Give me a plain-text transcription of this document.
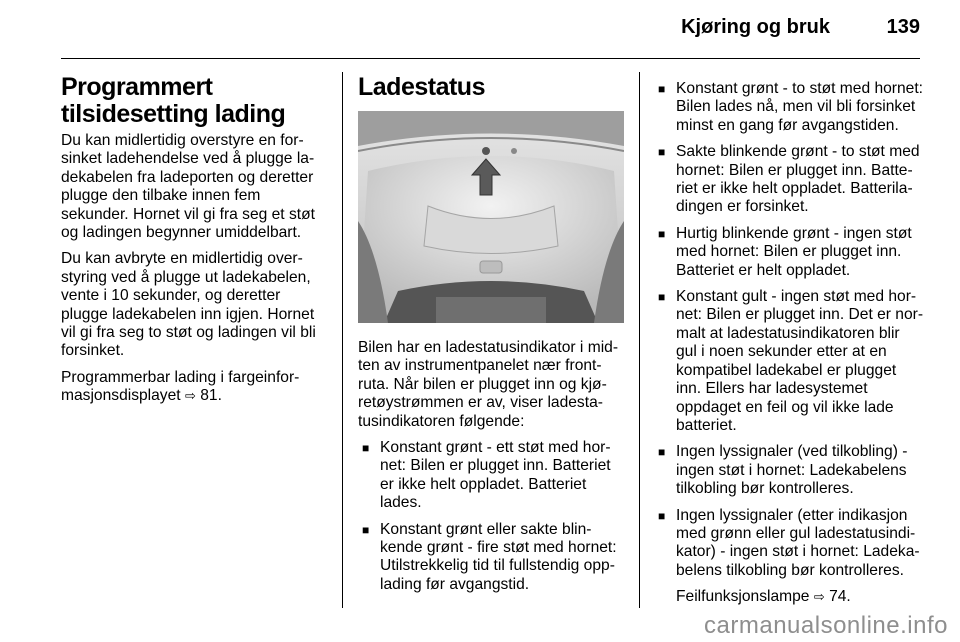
Kjøring og bruk	139
Programmert tilsidesetting lading

Du kan midlertidig overstyre en forsinket ladehendelse ved å plugge ladekabelen fra ladeporten og deretter plugge den tilbake innen fem sekunder. Hornet vil gi fra seg et støt og ladingen begynner umiddelbart.

Du kan avbryte en midlertidig overstyring ved å plugge ut ladekabelen, vente i 10 sekunder, og deretter plugge ladekabelen inn igjen. Hornet vil gi fra seg to støt og ladingen vil bli forsinket.

Programmerbar lading i fargeinformasjonsdisplayet ⇨ 81.

Ladestatus

Bilen har en ladestatusindikator i midten av instrumentpanelet nær frontruta. Når bilen er plugget inn og kjøretøystrømmen er av, viser ladestatusindikatoren følgende:

■ Konstant grønt - ett støt med hornet: Bilen er plugget inn. Batteriet er ikke helt oppladet. Batteriet lades.
■ Konstant grønt eller sakte blinkende grønt - fire støt med hornet: Utilstrekkelig tid til fullstendig opplading før avgangstid.
■ Konstant grønt - to støt med hornet: Bilen lades nå, men vil bli forsinket minst en gang før avgangstiden.
■ Sakte blinkende grønt - to støt med hornet: Bilen er plugget inn. Batteriet er ikke helt oppladet. Batteriladingen er forsinket.
■ Hurtig blinkende grønt - ingen støt med hornet: Bilen er plugget inn. Batteriet er helt oppladet.
■ Konstant gult - ingen støt med hornet: Bilen er plugget inn. Det er normalt at ladestatusindikatoren blir gul i noen sekunder etter at en kompatibel ladekabel er plugget inn. Ellers har ladesystemet oppdaget en feil og vil ikke lade batteriet.
■ Ingen lyssignaler (ved tilkobling) - ingen støt i hornet: Ladekabelens tilkobling bør kontrolleres.
■ Ingen lyssignaler (etter indikasjon med grønn eller gul ladestatusindikator) - ingen støt i hornet: Ladekabelens tilkobling bør kontrolleres.

Feilfunksjonslampe ⇨ 74.

carmanualsonline.info
